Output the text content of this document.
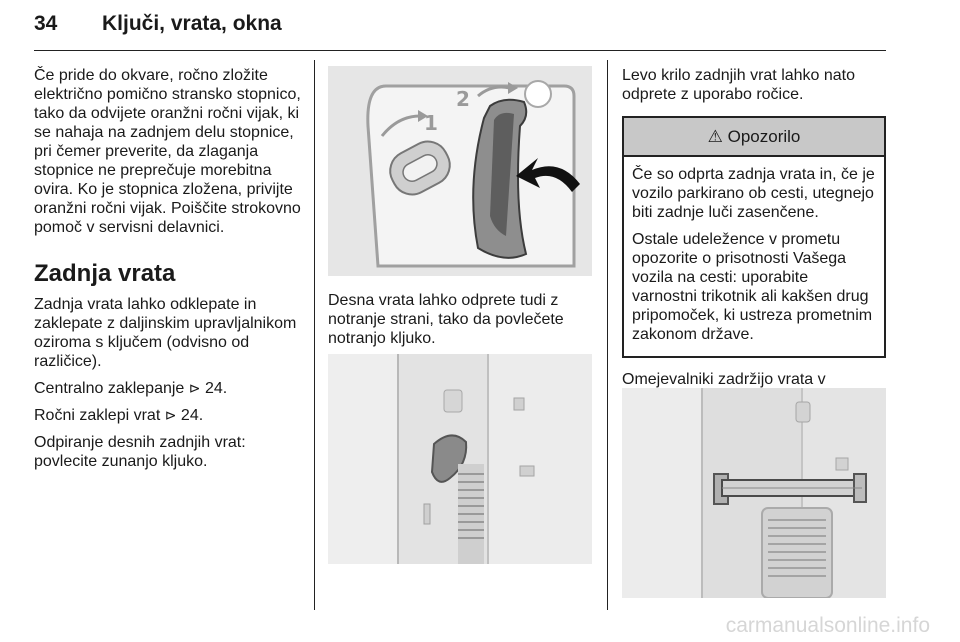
34 Ključi, vrata, okna

Če pride do okvare, ročno zložite električno pomično stransko stopnico, tako da odvijete oranžni ročni vijak, ki se nahaja na zadnjem delu stopnice, pri čemer preverite, da zlaganja stopnice ne preprečuje morebitna ovira. Ko je stopnica zložena, privijte oranžni ročni vijak. Poiščite strokovno pomoč v servisni delavnici.

Zadnja vrata

Zadnja vrata lahko odklepate in zaklepate z daljinskim upravljalnikom oziroma s ključem (odvisno od različice).

Centralno zaklepanje ⊳ 24.

Ročni zaklepi vrat ⊳ 24.

Odpiranje desnih zadnjih vrat: povlecite zunanjo kljuko.

1
2

Desna vrata lahko odprete tudi z notranje strani, tako da povlečete notranjo kljuko.

Levo krilo zadnjih vrat lahko nato odprete z uporabo ročice.

⚠ Opozorilo

Če so odprta zadnja vrata in, če je vozilo parkirano ob cesti, utegnejo biti zadnje luči zasenčene.

Ostale udeležence v prometu opozorite o prisotnosti Vašega vozila na cesti: uporabite varnostni trikotnik ali kakšen drug pripomoček, ki ustreza prometnim zakonom države.

Omejevalniki zadržijo vrata v

carmanualsonline.info
